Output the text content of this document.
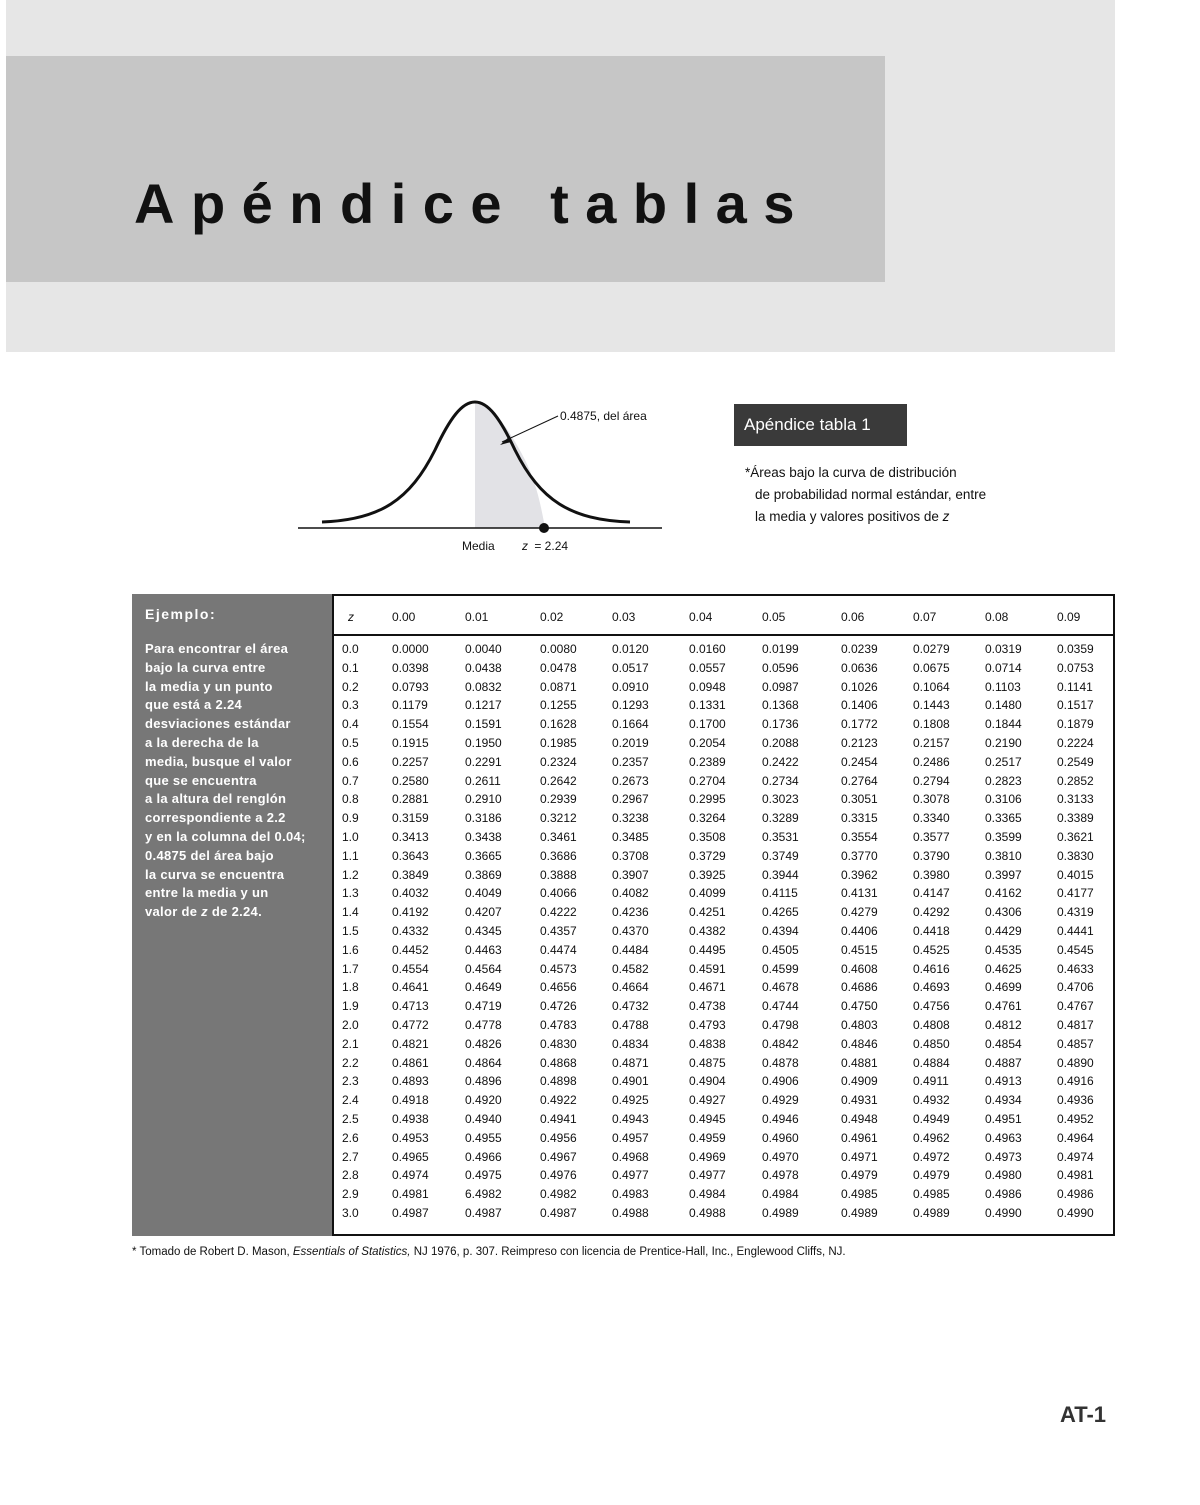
Apéndice tablas
0.4875, del área
Media z = 2.24
Apéndice tabla 1
*Áreas bajo la curva de distribución
de probabilidad normal estándar, entre
la media y valores positivos de z
Ejemplo:
Para encontrar el área
bajo la curva entre
la media y un punto
que está a 2.24
desviaciones estándar
a la derecha de la
media, busque el valor
que se encuentra
a la altura del renglón
correspondiente a 2.2
y en la columna del 0.04;
0.4875 del área bajo
la curva se encuentra
entre la media y un
valor de z de 2.24.
z	0.00	0.01	0.02	0.03	0.04	0.05	0.06	0.07	0.08	0.09
0.0	0.0000	0.0040	0.0080	0.0120	0.0160	0.0199	0.0239	0.0279	0.0319	0.0359
0.1	0.0398	0.0438	0.0478	0.0517	0.0557	0.0596	0.0636	0.0675	0.0714	0.0753
0.2	0.0793	0.0832	0.0871	0.0910	0.0948	0.0987	0.1026	0.1064	0.1103	0.1141
0.3	0.1179	0.1217	0.1255	0.1293	0.1331	0.1368	0.1406	0.1443	0.1480	0.1517
0.4	0.1554	0.1591	0.1628	0.1664	0.1700	0.1736	0.1772	0.1808	0.1844	0.1879
0.5	0.1915	0.1950	0.1985	0.2019	0.2054	0.2088	0.2123	0.2157	0.2190	0.2224
0.6	0.2257	0.2291	0.2324	0.2357	0.2389	0.2422	0.2454	0.2486	0.2517	0.2549
0.7	0.2580	0.2611	0.2642	0.2673	0.2704	0.2734	0.2764	0.2794	0.2823	0.2852
0.8	0.2881	0.2910	0.2939	0.2967	0.2995	0.3023	0.3051	0.3078	0.3106	0.3133
0.9	0.3159	0.3186	0.3212	0.3238	0.3264	0.3289	0.3315	0.3340	0.3365	0.3389
1.0	0.3413	0.3438	0.3461	0.3485	0.3508	0.3531	0.3554	0.3577	0.3599	0.3621
1.1	0.3643	0.3665	0.3686	0.3708	0.3729	0.3749	0.3770	0.3790	0.3810	0.3830
1.2	0.3849	0.3869	0.3888	0.3907	0.3925	0.3944	0.3962	0.3980	0.3997	0.4015
1.3	0.4032	0.4049	0.4066	0.4082	0.4099	0.4115	0.4131	0.4147	0.4162	0.4177
1.4	0.4192	0.4207	0.4222	0.4236	0.4251	0.4265	0.4279	0.4292	0.4306	0.4319
1.5	0.4332	0.4345	0.4357	0.4370	0.4382	0.4394	0.4406	0.4418	0.4429	0.4441
1.6	0.4452	0.4463	0.4474	0.4484	0.4495	0.4505	0.4515	0.4525	0.4535	0.4545
1.7	0.4554	0.4564	0.4573	0.4582	0.4591	0.4599	0.4608	0.4616	0.4625	0.4633
1.8	0.4641	0.4649	0.4656	0.4664	0.4671	0.4678	0.4686	0.4693	0.4699	0.4706
1.9	0.4713	0.4719	0.4726	0.4732	0.4738	0.4744	0.4750	0.4756	0.4761	0.4767
2.0	0.4772	0.4778	0.4783	0.4788	0.4793	0.4798	0.4803	0.4808	0.4812	0.4817
2.1	0.4821	0.4826	0.4830	0.4834	0.4838	0.4842	0.4846	0.4850	0.4854	0.4857
2.2	0.4861	0.4864	0.4868	0.4871	0.4875	0.4878	0.4881	0.4884	0.4887	0.4890
2.3	0.4893	0.4896	0.4898	0.4901	0.4904	0.4906	0.4909	0.4911	0.4913	0.4916
2.4	0.4918	0.4920	0.4922	0.4925	0.4927	0.4929	0.4931	0.4932	0.4934	0.4936
2.5	0.4938	0.4940	0.4941	0.4943	0.4945	0.4946	0.4948	0.4949	0.4951	0.4952
2.6	0.4953	0.4955	0.4956	0.4957	0.4959	0.4960	0.4961	0.4962	0.4963	0.4964
2.7	0.4965	0.4966	0.4967	0.4968	0.4969	0.4970	0.4971	0.4972	0.4973	0.4974
2.8	0.4974	0.4975	0.4976	0.4977	0.4977	0.4978	0.4979	0.4979	0.4980	0.4981
2.9	0.4981	6.4982	0.4982	0.4983	0.4984	0.4984	0.4985	0.4985	0.4986	0.4986
3.0	0.4987	0.4987	0.4987	0.4988	0.4988	0.4989	0.4989	0.4989	0.4990	0.4990
* Tomado de Robert D. Mason, Essentials of Statistics, NJ 1976, p. 307. Reimpreso con licencia de Prentice-Hall, Inc., Englewood Cliffs, NJ.
AT-1
